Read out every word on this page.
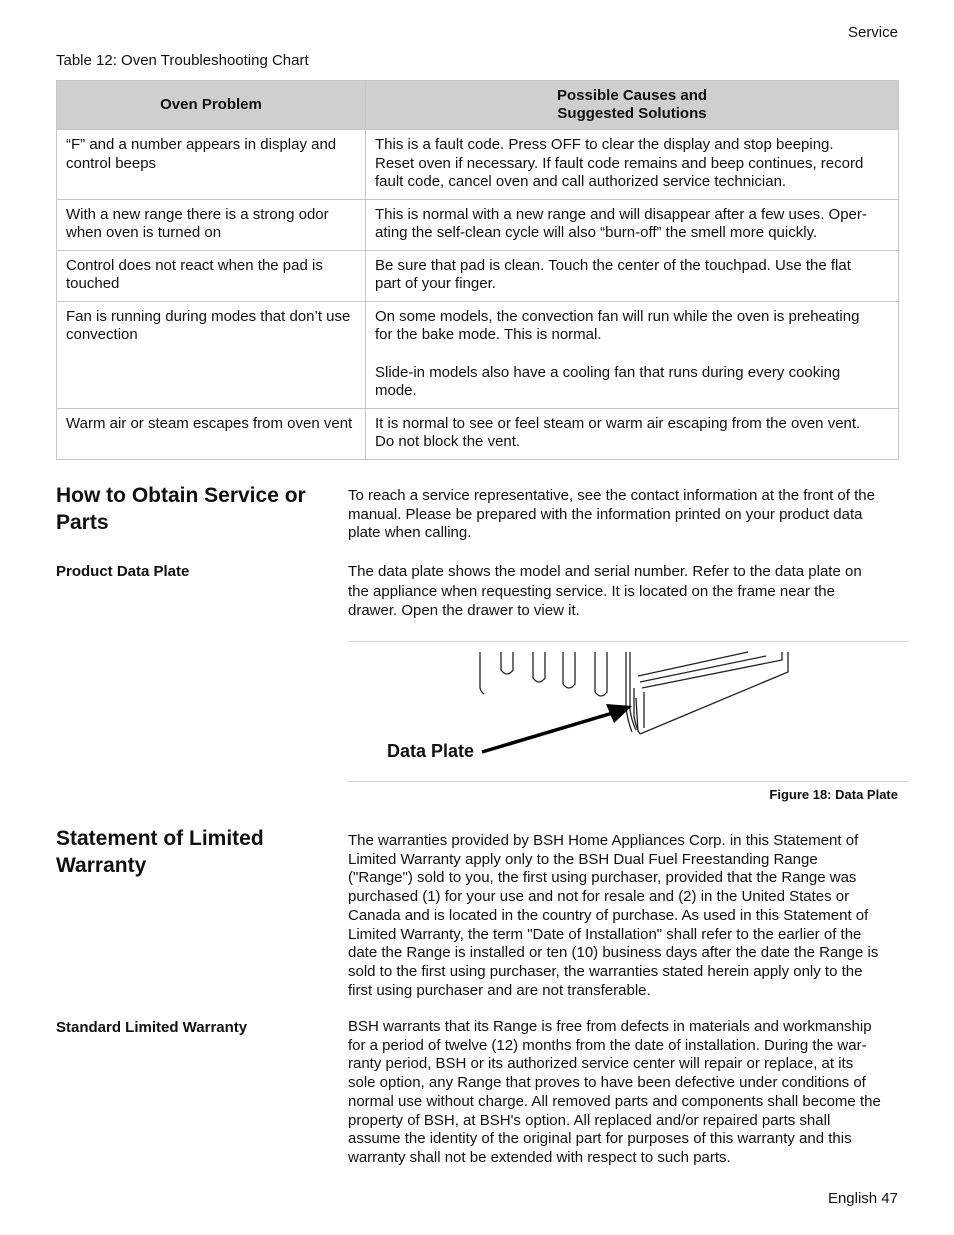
Service
Table 12: Oven Troubleshooting Chart
Oven Problem	Possible Causes and
Suggested Solutions

“F” and a number appears in display and control beeps	This is a fault code. Press OFF to clear the display and stop beeping.
Reset oven if necessary. If fault code remains and beep continues, record
fault code, cancel oven and call authorized service technician.

With a new range there is a strong odor when oven is turned on	This is normal with a new range and will disappear after a few uses. Oper-
ating the self-clean cycle will also “burn-off” the smell more quickly.

Control does not react when the pad is touched	Be sure that pad is clean. Touch the center of the touchpad. Use the flat
part of your finger.

Fan is running during modes that don’t use convection	On some models, the convection fan will run while the oven is preheating
for the bake mode. This is normal.
Slide-in models also have a cooling fan that runs during every cooking
mode.

Warm air or steam escapes from oven vent	It is normal to see or feel steam or warm air escaping from the oven vent.
Do not block the vent.
How to Obtain Service or
Parts
To reach a service representative, see the contact information at the front of the
manual. Please be prepared with the information printed on your product data
plate when calling.
Product Data Plate	The data plate shows the model and serial number. Refer to the data plate on
the appliance when requesting service. It is located on the frame near the
drawer. Open the drawer to view it.
Data Plate
Figure 18: Data Plate
Statement of Limited
Warranty
The warranties provided by BSH Home Appliances Corp. in this Statement of
Limited Warranty apply only to the BSH Dual Fuel Freestanding Range
("Range") sold to you, the first using purchaser, provided that the Range was
purchased (1) for your use and not for resale and (2) in the United States or
Canada and is located in the country of purchase. As used in this Statement of
Limited Warranty, the term "Date of Installation" shall refer to the earlier of the
date the Range is installed or ten (10) business days after the date the Range is
sold to the first using purchaser, the warranties stated herein apply only to the
first using purchaser and are not transferable.
Standard Limited Warranty	BSH warrants that its Range is free from defects in materials and workmanship
for a period of twelve (12) months from the date of installation. During the war-
ranty period, BSH or its authorized service center will repair or replace, at its
sole option, any Range that proves to have been defective under conditions of
normal use without charge. All removed parts and components shall become the
property of BSH, at BSH's option. All replaced and/or repaired parts shall
assume the identity of the original part for purposes of this warranty and this
warranty shall not be extended with respect to such parts.
English 47
